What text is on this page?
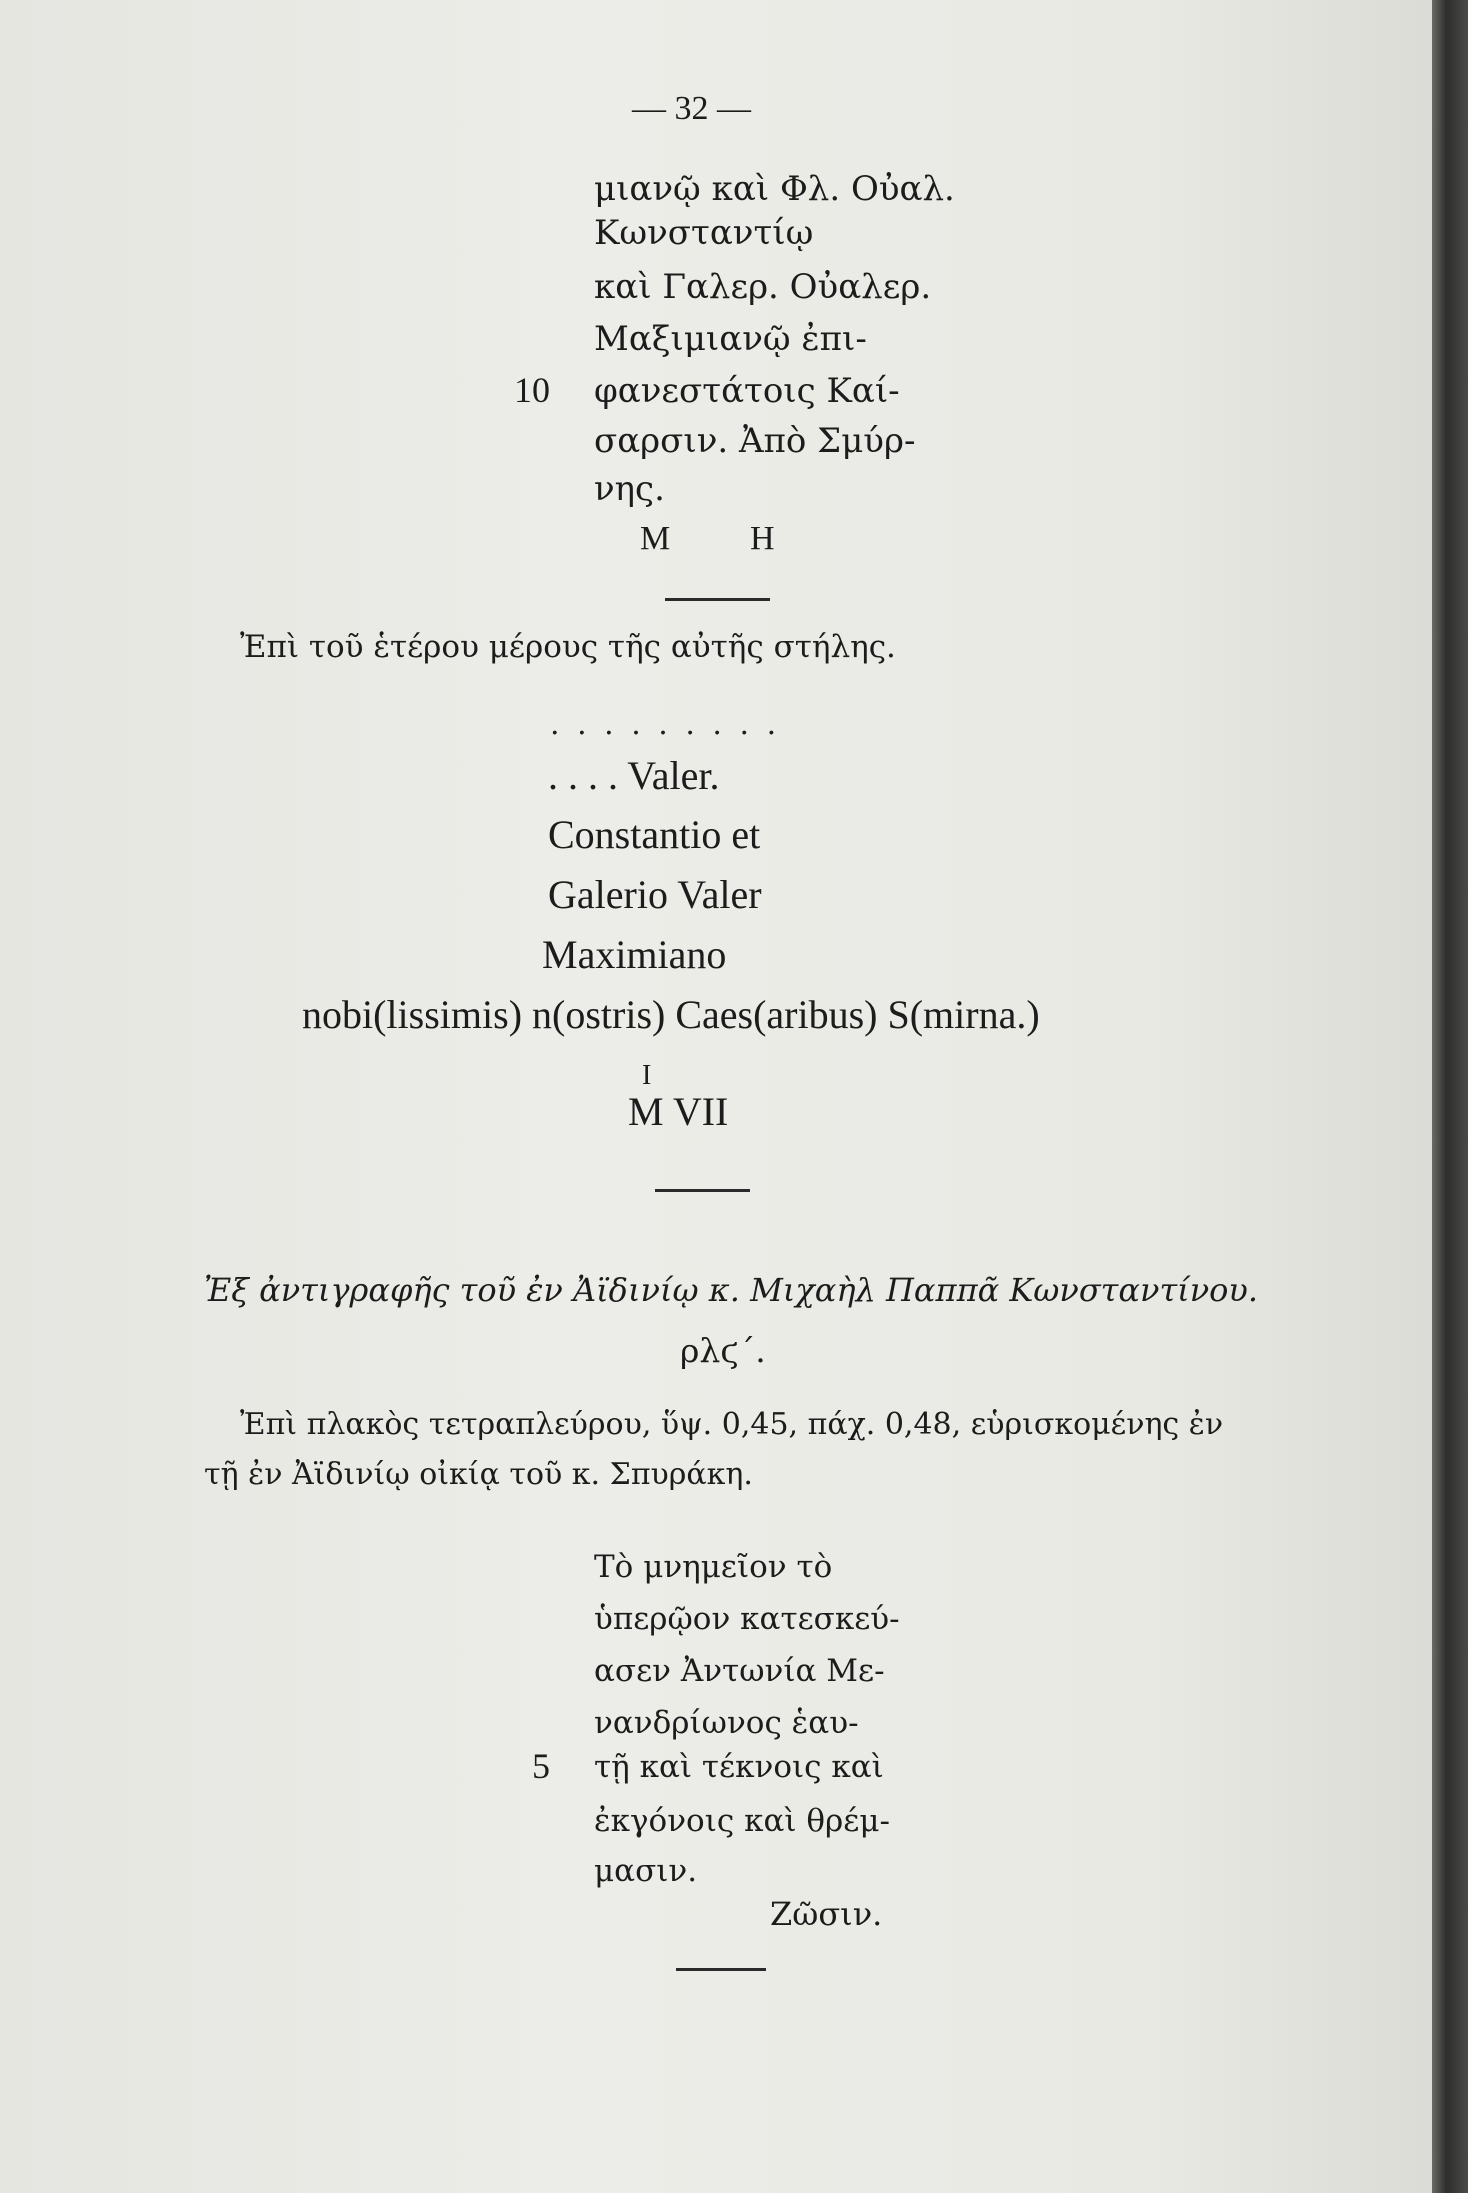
— 32 —
μιανῷ καὶ Φλ. Οὐαλ.
Κωνσταντίῳ
καὶ Γαλερ. Οὐαλερ.
Μαξιμιανῷ ἐπι-
10 φανεστάτοις Καί-
σαρσιν. Ἀπὸ Σμύρ-
νης.
Μ Η
Ἐπὶ τοῦ ἑτέρου μέρους τῆς αὐτῆς στήλης.
. . . . . . . . .
. . . . Valer.
Constantio et
Galerio Valer
Maximiano
nobi(lissimis) n(ostris) Caes(aribus) S(mirna.)
I
M VII
Ἐξ ἀντιγραφῆς τοῦ ἐν Ἀϊδινίῳ κ. Μιχαὴλ Παππᾶ Κωνσταντίνου.
ρλϛ΄.
Ἐπὶ πλακὸς τετραπλεύρου, ὕψ. 0,45, πάχ. 0,48, εὑρισκομένης ἐν
τῇ ἐν Ἀϊδινίῳ οἰκίᾳ τοῦ κ. Σπυράκη.
Τὸ μνημεῖον τὸ
ὑπερῷον κατεσκεύ-
ασεν Ἀντωνία Με-
νανδρίωνος ἑαυ-
5 τῇ καὶ τέκνοις καὶ
ἐκγόνοις καὶ θρέμ-
μασιν.
Ζῶσιν.
